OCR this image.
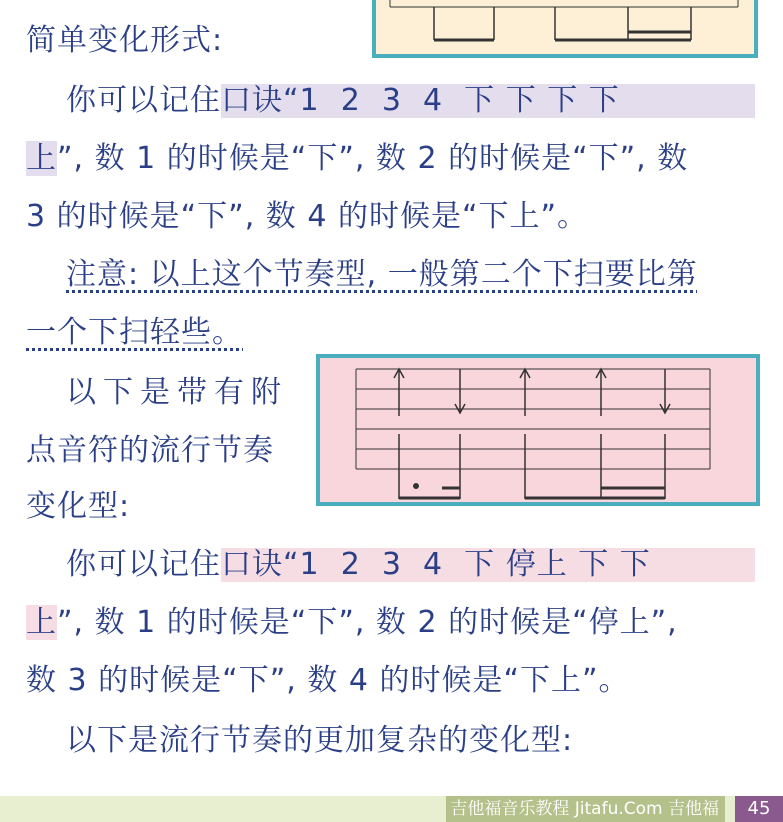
简单变化形式:
你可以记住口诀“1  2  3  4  下 下 下 下
上”, 数 1 的时候是“下”, 数 2 的时候是“下”, 数
3 的时候是“下”, 数 4 的时候是“下上”。
注意: 以上这个节奏型, 一般第二个下扫要比第
一个下扫轻些。
以下是带有附
点音符的流行节奏
变化型:
你可以记住口诀“1  2  3  4  下 停上 下 下
上”, 数 1 的时候是“下”, 数 2 的时候是“停上”,
数 3 的时候是“下”, 数 4 的时候是“下上”。
以下是流行节奏的更加复杂的变化型:
吉他福音乐教程 Jitafu.Com 吉他福	45
